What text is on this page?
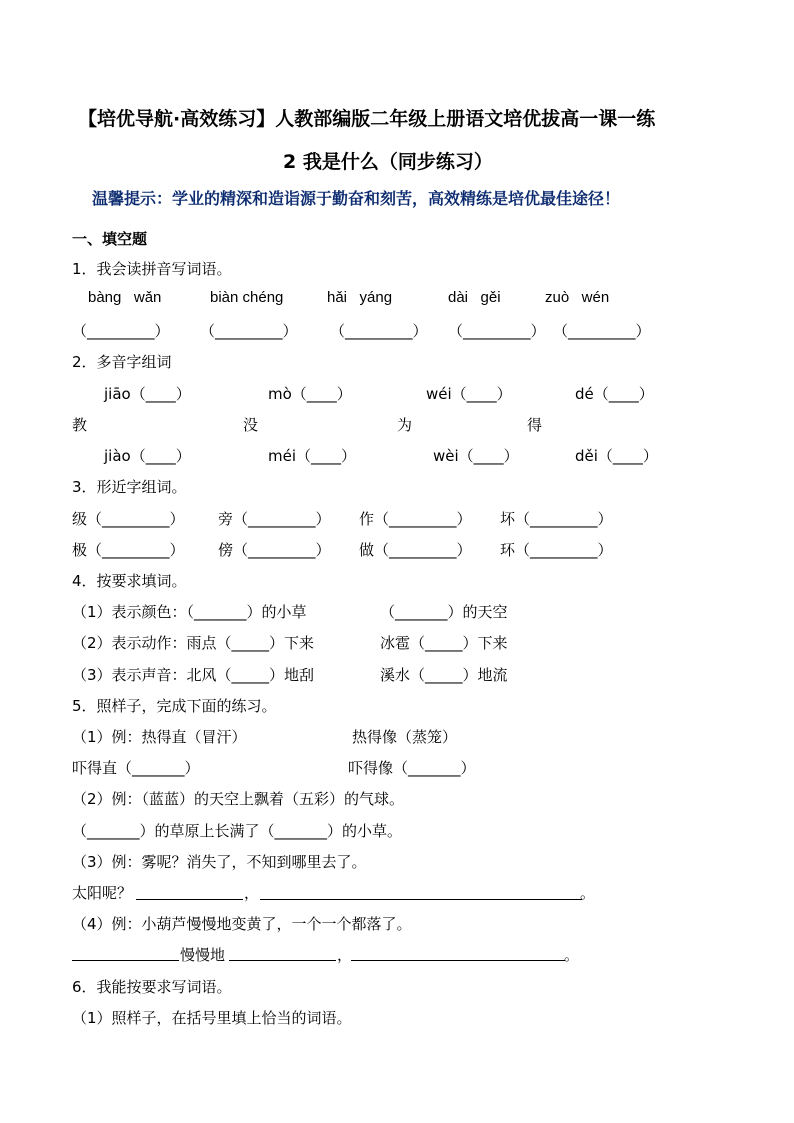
【培优导航·高效练习】人教部编版二年级上册语文培优拔高一课一练
2 我是什么（同步练习）
温馨提示：学业的精深和造诣源于勤奋和刻苦，高效精练是培优最佳途径！
一、填空题
1．我会读拼音写词语。
bàng   wǎn	biàn chéng	hǎi   yáng	dài   gěi	zuò   wén
（_________） （_________） （_________） （_________） （_________）
2．多音字组词
jiāo（____）	mò（____）	wéi（____）	dé（____）
教	没	为	得
jiào（____）	méi（____）	wèi（____）	děi（____）
3．形近字组词。
级（_________） 旁（_________） 作（_________） 坏（_________）
极（_________） 傍（_________） 做（_________） 环（_________）
4．按要求填词。
（1）表示颜色：（_______）的小草	（_______）的天空
（2）表示动作：雨点（_____）下来	冰雹（_____）下来
（3）表示声音：北风（_____）地刮	溪水（_____）地流
5．照样子，完成下面的练习。
（1）例：热得直（冒汗）	热得像（蒸笼）
吓得直（_______）	吓得像（_______）
（2）例：（蓝蓝）的天空上飘着（五彩）的气球。
（_______）的草原上长满了（_______）的小草。
（3）例：雾呢？消失了，不知到哪里去了。
太阳呢？	，	。
（4）例：小葫芦慢慢地变黄了，一个一个都落了。
慢慢地	，	。
6．我能按要求写词语。
（1）照样子，在括号里填上恰当的词语。
